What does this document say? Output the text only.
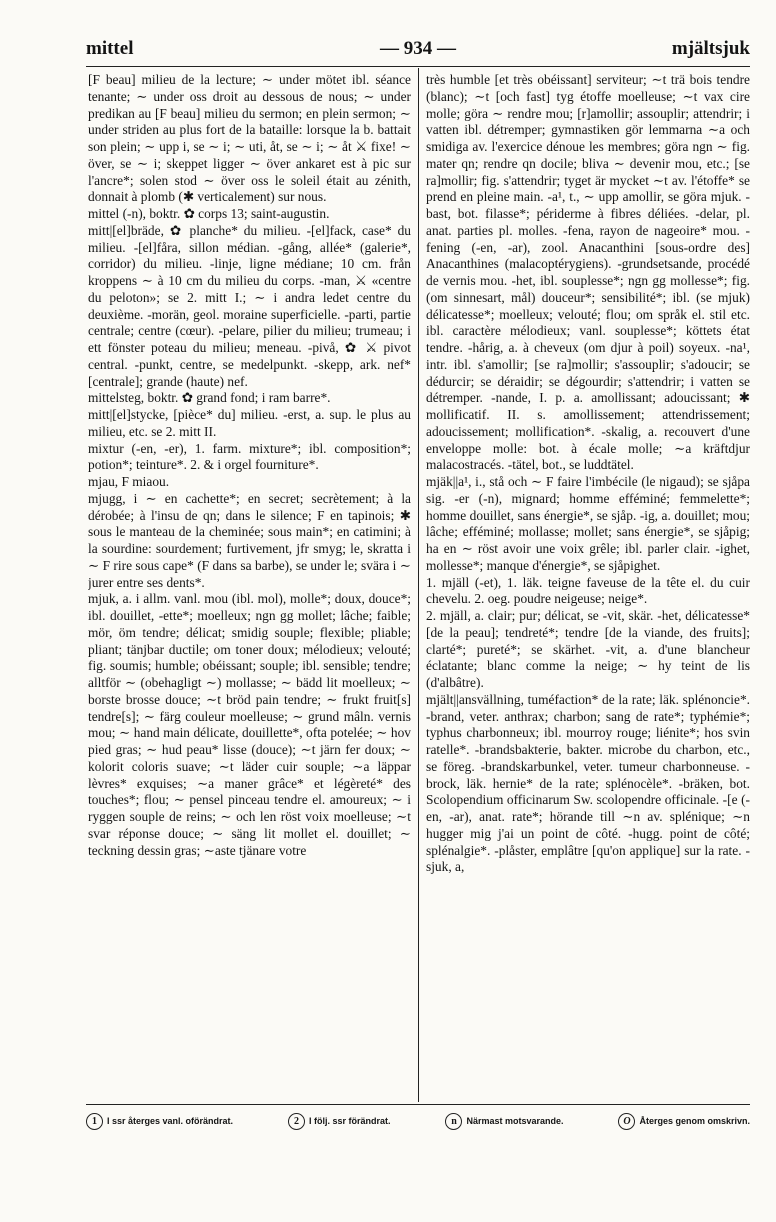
mittel	— 934 —	mjältsjuk

[F beau] milieu de la lecture; ∼ under mötet ibl. séance tenante; ∼ under oss droit au dessous de nous; ∼ under predikan au [F beau] milieu du sermon; en plein sermon; ∼ under striden au plus fort de la bataille: lorsque la b. battait son plein; ∼ upp i, se ∼ i; ∼ uti, åt, se ∼ i; ∼ åt ⚔ fixe! ∼ över, se ∼ i; skeppet ligger ∼ över ankaret est à pic sur l'ancre*; solen stod ∼ över oss le soleil était au zénith, donnait à plomb (✱ verticalement) sur nous.

mittel (-n), boktr. ✿ corps 13; saint-augustin.

mitt|[el]bräde, ✿ planche* du milieu. -[el]fack, case* du milieu. -[el]fåra, sillon médian. -gång, allée* (galerie*, corridor) du milieu. -linje, ligne médiane; 10 cm. från kroppens ∼ à 10 cm du milieu du corps. -man, ⚔ «centre du peloton»; se 2. mitt I.; ∼ i andra ledet centre du deuxième. -morän, geol. moraine superficielle. -parti, partie centrale; centre (cœur). -pelare, pilier du milieu; trumeau; i ett fönster poteau du milieu; meneau. -pivå, ✿ ⚔ pivot central. -punkt, centre, se medelpunkt. -skepp, ark. nef* [centrale]; grande (haute) nef.

mittelsteg, boktr. ✿ grand fond; i ram barre*.

mitt|[el]stycke, [pièce* du] milieu. -erst, a. sup. le plus au milieu, etc. se 2. mitt II.

mixtur (-en, -er), 1. farm. mixture*; ibl. composition*; potion*; teinture*. 2. & i orgel fourniture*.

mjau, F miaou.

mjugg, i ∼ en cachette*; en secret; secrètement; à la dérobée; à l'insu de qn; dans le silence; F en tapinois; ✱ sous le manteau de la cheminée; sous main*; en catimini; à la sourdine: sourdement; furtivement, jfr smyg; le, skratta i ∼ F rire sous cape* (F dans sa barbe), se under le; svära i ∼ jurer entre ses dents*.

mjuk, a. i allm. vanl. mou (ibl. mol), molle*; doux, douce*; ibl. douillet, -ette*; moelleux; ngn gg mollet; lâche; faible; mör, öm tendre; délicat; smidig souple; flexible; pliable; pliant; tänjbar ductile; om toner doux; mélodieux; velouté; fig. soumis; humble; obéissant; souple; ibl. sensible; tendre; alltför ∼ (obehagligt ∼) mollasse; ∼ bädd lit moelleux; ∼ borste brosse douce; ∼t bröd pain tendre; ∼ frukt fruit[s] tendre[s]; ∼ färg couleur moelleuse; ∼ grund mâln. vernis mou; ∼ hand main délicate, douillette*, ofta potelée; ∼ hov pied gras; ∼ hud peau* lisse (douce); ∼t järn fer doux; ∼ kolorit coloris suave; ∼t läder cuir souple; ∼a läppar lèvres* exquises; ∼a maner grâce* et légèreté* des touches*; flou; ∼ pensel pinceau tendre el. amoureux; ∼ i ryggen souple de reins; ∼ och len röst voix moelleuse; ∼t svar réponse douce; ∼ säng lit mollet el. douillet; ∼ teckning dessin gras; ∼aste tjänare votre

très humble [et très obéissant] serviteur; ∼t trä bois tendre (blanc); ∼t [och fast] tyg étoffe moelleuse; ∼t vax cire molle; göra ∼ rendre mou; [r]amollir; assouplir; attendrir; i vatten ibl. détremper; gymnastiken gör lemmarna ∼a och smidiga av. l'exercice dénoue les membres; göra ngn ∼ fig. mater qn; rendre qn docile; bliva ∼ devenir mou, etc.; [se ra]mollir; fig. s'attendrir; tyget är mycket ∼t av. l'étoffe* se prend en pleine main. -a¹, t., ∼ upp amollir, se göra mjuk. -bast, bot. filasse*; périderme à fibres déliées. -delar, pl. anat. parties pl. molles. -fena, rayon de nageoire* mou. -fening (-en, -ar), zool. Anacanthini [sous-ordre des] Anacanthines (malacoptérygiens). -grundsetsande, procédé de vernis mou. -het, ibl. souplesse*; ngn gg mollesse*; fig. (om sinnesart, mål) douceur*; sensibilité*; ibl. (se mjuk) délicatesse*; moelleux; velouté; flou; om språk el. stil etc. ibl. caractère mélodieux; vanl. souplesse*; köttets état tendre. -hårig, a. à cheveux (om djur à poil) soyeux. -na¹, intr. ibl. s'amollir; [se ra]mollir; s'assouplir; s'adoucir; se dédurcir; se déraidir; se dégourdir; s'attendrir; i vatten se détremper. -nande, I. p. a. amollissant; adoucissant; ✱ mollificatif. II. s. amollissement; attendrissement; adoucissement; mollification*. -skalig, a. recouvert d'une enveloppe molle: bot. à écale molle; ∼a kräftdjur malacostracés. -tätel, bot., se luddtätel.

mjäk||a¹, i., stå och ∼ F faire l'imbécile (le nigaud); se sjåpa sig. -er (-n), mignard; homme efféminé; femmelette*; homme douillet, sans énergie*, se sjåp. -ig, a. douillet; mou; lâche; efféminé; mollasse; mollet; sans énergie*, se sjåpig; ha en ∼ röst avoir une voix grêle; ibl. parler clair. -ighet, mollesse*; manque d'énergie*, se sjåpighet.

1. mjäll (-et), 1. läk. teigne faveuse de la tête el. du cuir chevelu. 2. oeg. poudre neigeuse; neige*.

2. mjäll, a. clair; pur; délicat, se -vit, skär. -het, délicatesse* [de la peau]; tendreté*; tendre [de la viande, des fruits]; clarté*; pureté*; se skärhet. -vit, a. d'une blancheur éclatante; blanc comme la neige; ∼ hy teint de lis (d'albâtre).

mjält||ansvällning, tuméfaction* de la rate; läk. splénoncie*. -brand, veter. anthrax; charbon; sang de rate*; typhémie*; typhus charbonneux; ibl. mourroy rouge; liénite*; hos svin ratelle*. -brandsbakterie, bakter. microbe du charbon, etc., se föreg. -brandskarbunkel, veter. tumeur charbonneuse. -brock, läk. hernie* de la rate; splénocèle*. -bräken, bot. Scolopendium officinarum Sw. scolopendre officinale. -[e (-en, -ar), anat. rate*; hörande till ∼n av. splénique; ∼n hugger mig j'ai un point de côté. -hugg. point de côté; splénalgie*. -plåster, emplâtre [qu'on applique] sur la rate. -sjuk, a,

1	I ssr återges vanl. oförändrat.	2	I följ. ssr förändrat.	n	Närmast motsvarande.	O Återges genom omskrivn.
